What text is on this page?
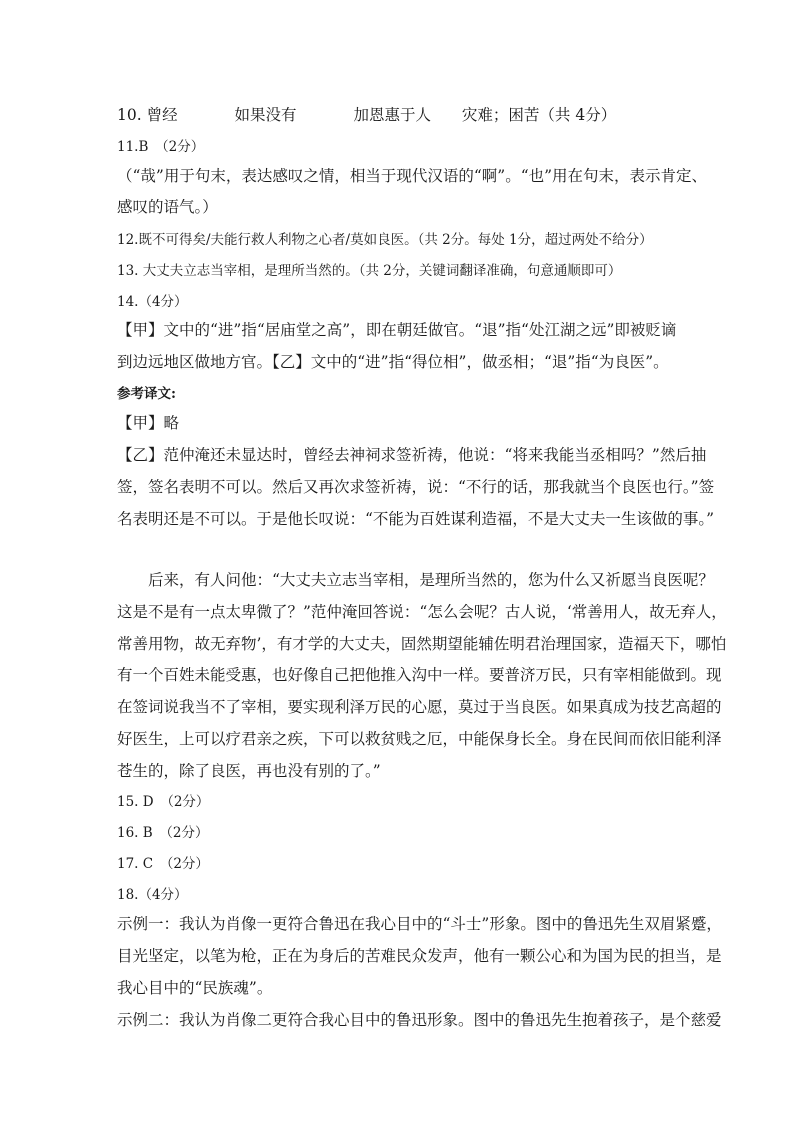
10. 曾经	如果没有	加恩惠于人 灾难；困苦（共 4分）
11.B　（2分）
（“哉”用于句末，表达感叹之情，相当于现代汉语的“啊”。“也”用在句末，表示肯定、
感叹的语气。）
12.既不可得矣/夫能行救人利物之心者/莫如良医。（共 2分。每处 1分，超过两处不给分）
13. 大丈夫立志当宰相，是理所当然的。（共 2分，关键词翻译准确，句意通顺即可）
14.（4分）
【甲】文中的“进”指“居庙堂之高”，即在朝廷做官。“退”指“处江湖之远”即被贬谪
到边远地区做地方官。【乙】文中的“进”指“得位相”，做丞相；“退”指“为良医”。
参考译文:
【甲】略
【乙】范仲淹还未显达时，曾经去神祠求签祈祷，他说：“将来我能当丞相吗？”然后抽
签，签名表明不可以。然后又再次求签祈祷，说：“不行的话，那我就当个良医也行。”签
名表明还是不可以。于是他长叹说：“不能为百姓谋利造福，不是大丈夫一生该做的事。”
后来，有人问他：“大丈夫立志当宰相，是理所当然的，您为什么又祈愿当良医呢？
这是不是有一点太卑微了？”范仲淹回答说：“怎么会呢？古人说，‘常善用人，故无弃人，
常善用物，故无弃物’，有才学的大丈夫，固然期望能辅佐明君治理国家，造福天下，哪怕
有一个百姓未能受惠，也好像自己把他推入沟中一样。要普济万民，只有宰相能做到。现
在签词说我当不了宰相，要实现利泽万民的心愿，莫过于当良医。如果真成为技艺高超的
好医生，上可以疗君亲之疾，下可以救贫贱之厄，中能保身长全。身在民间而依旧能利泽
苍生的，除了良医，再也没有别的了。”
15. D　（2分）
16. B　（2分）
17. C　（2分）
18.（4分）
示例一：我认为肖像一更符合鲁迅在我心目中的“斗士”形象。图中的鲁迅先生双眉紧蹙，
目光坚定，以笔为枪，正在为身后的苦难民众发声，他有一颗公心和为国为民的担当，是
我心目中的“民族魂”。
示例二：我认为肖像二更符合我心目中的鲁迅形象。图中的鲁迅先生抱着孩子，是个慈爱
